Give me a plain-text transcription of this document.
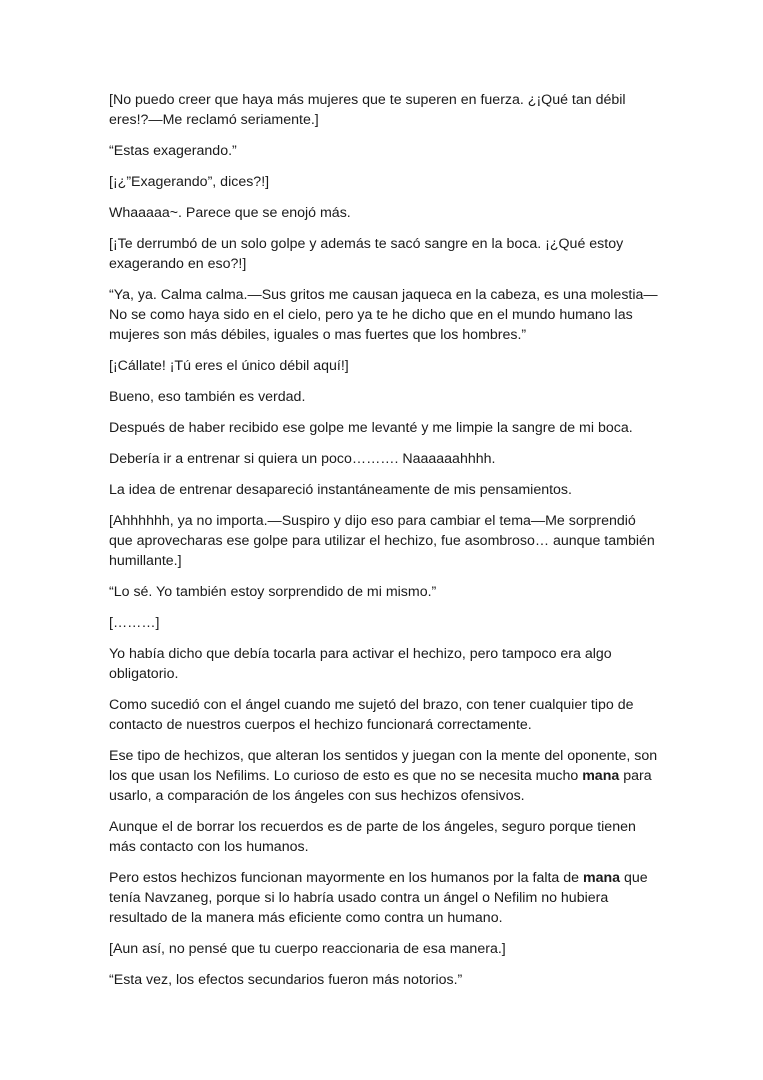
[No puedo creer que haya más mujeres que te superen en fuerza. ¿¡Qué tan débil
eres!?—Me reclamó seriamente.]

“Estas exagerando.”

[¡¿”Exagerando”, dices?!]

Whaaaaa~. Parece que se enojó más.

[¡Te derrumbó de un solo golpe y además te sacó sangre en la boca. ¡¿Qué estoy
exagerando en eso?!]

“Ya, ya. Calma calma.—Sus gritos me causan jaqueca en la cabeza, es una molestia—
No se como haya sido en el cielo, pero ya te he dicho que en el mundo humano las
mujeres son más débiles, iguales o mas fuertes que los hombres.”

[¡Cállate! ¡Tú eres el único débil aquí!]

Bueno, eso también es verdad.

Después de haber recibido ese golpe me levanté y me limpie la sangre de mi boca.

Debería ir a entrenar si quiera un poco………. Naaaaaahhhh.

La idea de entrenar desapareció instantáneamente de mis pensamientos.

[Ahhhhhh, ya no importa.—Suspiro y dijo eso para cambiar el tema—Me sorprendió
que aprovecharas ese golpe para utilizar el hechizo, fue asombroso… aunque también
humillante.]

“Lo sé. Yo también estoy sorprendido de mi mismo.”

[………]

Yo había dicho que debía tocarla para activar el hechizo, pero tampoco era algo
obligatorio.

Como sucedió con el ángel cuando me sujetó del brazo, con tener cualquier tipo de
contacto de nuestros cuerpos el hechizo funcionará correctamente.

Ese tipo de hechizos, que alteran los sentidos y juegan con la mente del oponente, son
los que usan los Nefilims. Lo curioso de esto es que no se necesita mucho mana para
usarlo, a comparación de los ángeles con sus hechizos ofensivos.

Aunque el de borrar los recuerdos es de parte de los ángeles, seguro porque tienen
más contacto con los humanos.

Pero estos hechizos funcionan mayormente en los humanos por la falta de mana que
tenía Navzaneg, porque si lo habría usado contra un ángel o Nefilim no hubiera
resultado de la manera más eficiente como contra un humano.

[Aun así, no pensé que tu cuerpo reaccionaria de esa manera.]

“Esta vez, los efectos secundarios fueron más notorios.”
